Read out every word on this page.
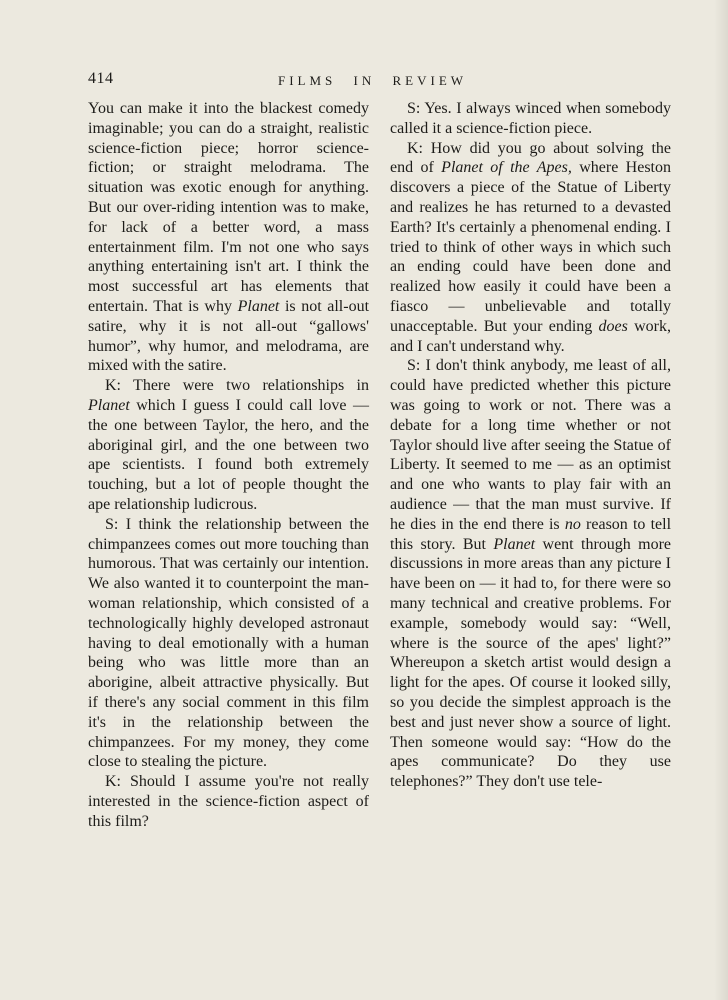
414	FILMS IN REVIEW

You can make it into the blackest comedy imaginable; you can do a straight, realistic science-fiction piece; horror science-fiction; or straight melodrama. The situation was exotic enough for anything. But our over-riding intention was to make, for lack of a better word, a mass entertainment film. I'm not one who says anything entertaining isn't art. I think the most successful art has elements that entertain. That is why Planet is not all-out satire, why it is not all-out “gallows' humor”, why humor, and melodrama, are mixed with the satire.

K: There were two relationships in Planet which I guess I could call love — the one between Taylor, the hero, and the aboriginal girl, and the one between two ape scientists. I found both extremely touching, but a lot of people thought the ape relationship ludicrous.

S: I think the relationship between the chimpanzees comes out more touching than humorous. That was certainly our intention. We also wanted it to counterpoint the man-woman relationship, which consisted of a technologically highly developed astronaut having to deal emotionally with a human being who was little more than an aborigine, albeit attractive physically. But if there's any social comment in this film it's in the relationship between the chimpanzees. For my money, they come close to stealing the picture.

K: Should I assume you're not really interested in the science-fiction aspect of this film?

S: Yes. I always winced when somebody called it a science-fiction piece.

K: How did you go about solving the end of Planet of the Apes, where Heston discovers a piece of the Statue of Liberty and realizes he has returned to a devasted Earth? It's certainly a phenomenal ending. I tried to think of other ways in which such an ending could have been done and realized how easily it could have been a fiasco — unbelievable and totally unacceptable. But your ending does work, and I can't understand why.

S: I don't think anybody, me least of all, could have predicted whether this picture was going to work or not. There was a debate for a long time whether or not Taylor should live after seeing the Statue of Liberty. It seemed to me — as an optimist and one who wants to play fair with an audience — that the man must survive. If he dies in the end there is no reason to tell this story. But Planet went through more discussions in more areas than any picture I have been on — it had to, for there were so many technical and creative problems. For example, somebody would say: “Well, where is the source of the apes' light?” Whereupon a sketch artist would design a light for the apes. Of course it looked silly, so you decide the simplest approach is the best and just never show a source of light. Then someone would say: “How do the apes communicate? Do they use telephones?” They don't use tele-
